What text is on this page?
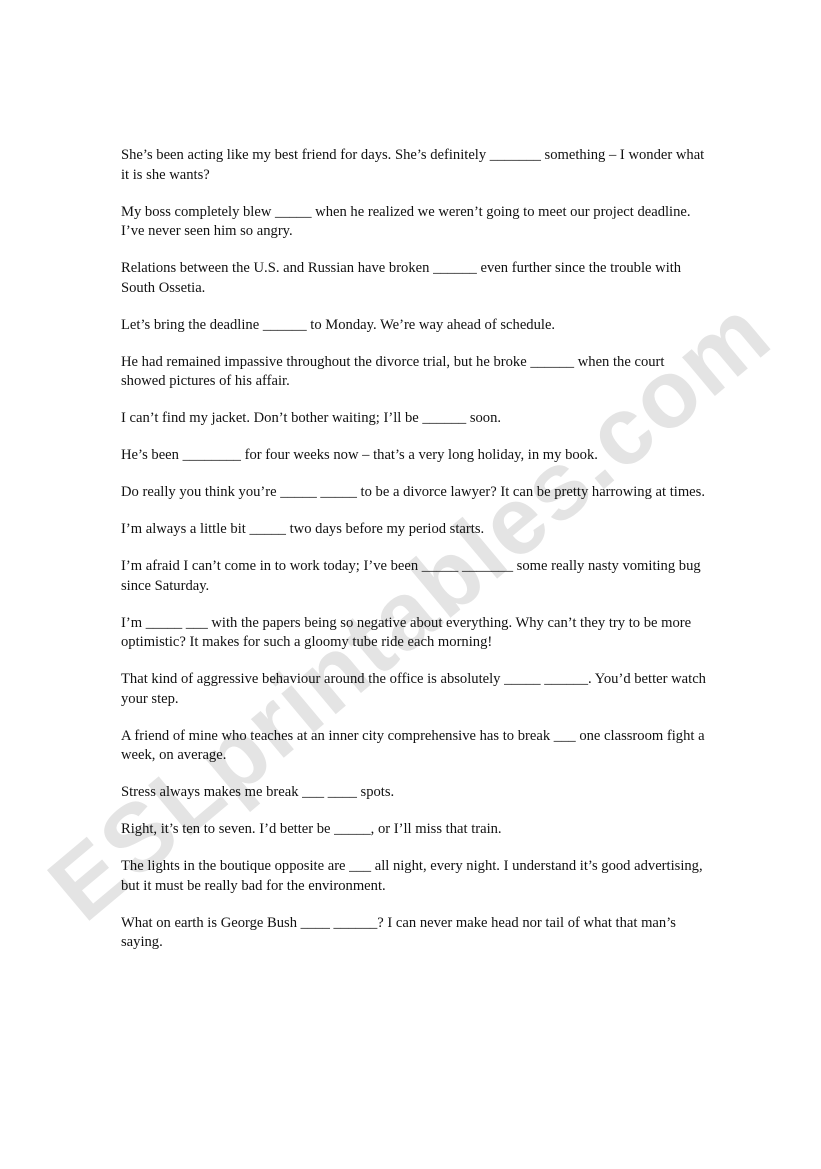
ESLprintables.com

She’s been acting like my best friend for days. She’s definitely _______ something – I wonder what it is she wants?

My boss completely blew _____ when he realized we weren’t going to meet our project deadline. I’ve never seen him so angry.

Relations between the U.S. and Russian have broken ______ even further since the trouble with South Ossetia.

Let’s bring the deadline ______ to Monday. We’re way ahead of schedule.

He had remained impassive throughout the divorce trial, but he broke ______ when the court showed pictures of his affair.

I can’t find my jacket. Don’t bother waiting; I’ll be ______ soon.

He’s been ________ for four weeks now – that’s a very long holiday, in my book.

Do really you think you’re _____ _____ to be a divorce lawyer? It can be pretty harrowing at times.

I’m always a little bit _____ two days before my period starts.

I’m afraid I can’t come in to work today; I’ve been _____ _______ some really nasty vomiting bug since Saturday.

I’m _____ ___ with the papers being so negative about everything. Why can’t they try to be more optimistic? It makes for such a gloomy tube ride each morning!

That kind of aggressive behaviour around the office is absolutely _____ ______. You’d better watch your step.

A friend of mine who teaches at an inner city comprehensive has to break ___ one classroom fight a week, on average.

Stress always makes me break ___ ____ spots.

Right, it’s ten to seven. I’d better be _____, or I’ll miss that train.

The lights in the boutique opposite are ___ all night, every night. I understand it’s good advertising, but it must be really bad for the environment.

What on earth is George Bush ____ ______? I can never make head nor tail of what that man’s saying.
